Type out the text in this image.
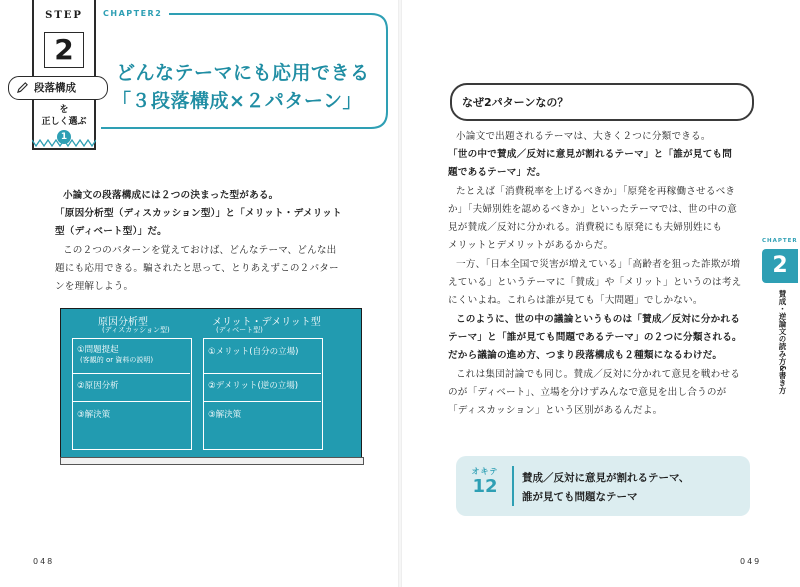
STEP
2
段落構成
を
正しく選ぶ
1
CHAPTER2
どんなテーマにも応用できる
「３段落構成×２パターン」
小論文の段落構成には２つの決まった型がある。
「原因分析型（ディスカッション型）」と「メリット・デメリット
型（ディベート型）」だ。
この２つのパターンを覚えておけば、どんなテーマ、どんな出
題にも応用できる。騙されたと思って、とりあえずこの２パター
ンを理解しよう。
原因分析型
(ディスカッション型)
メリット・デメリット型
(ディベート型)
①問題提起
(客観的 or 資料の説明)
②原因分析
③解決策
①メリット(自分の立場)
②デメリット(逆の立場)
③解決策
048
なぜ2パターンなの？
小論文で出題されるテーマは、大きく２つに分類できる。
「世の中で賛成／反対に意見が割れるテーマ」と「誰が見ても問
題であるテーマ」だ。
たとえば「消費税率を上げるべきか」「原発を再稼働させるべき
か」「夫婦別姓を認めるべきか」といったテーマでは、世の中の意
見が賛成／反対に分かれる。消費税にも原発にも夫婦別姓にも
メリットとデメリットがあるからだ。
一方、「日本全国で災害が増えている」「高齢者を狙った詐欺が増
えている」というテーマに「賛成」や「メリット」というのは考え
にくいよね。これらは誰が見ても「大問題」でしかない。
このように、世の中の議論というものは「賛成／反対に分かれる
テーマ」と「誰が見ても問題であるテーマ」の２つに分類される。
だから議論の進め方、つまり段落構成も２種類になるわけだ。
これは集団討論でも同じ。賛成／反対に分かれて意見を戦わせる
のが「ディベート」、立場を分けずみんなで意見を出し合うのが
「ディスカッション」という区別があるんだよ。
CHAPTER
2
賛成・逆論文の読み方&書き方
オキテ
12	賛成／反対に意見が割れるテーマ、
誰が見ても問題なテーマ
049
